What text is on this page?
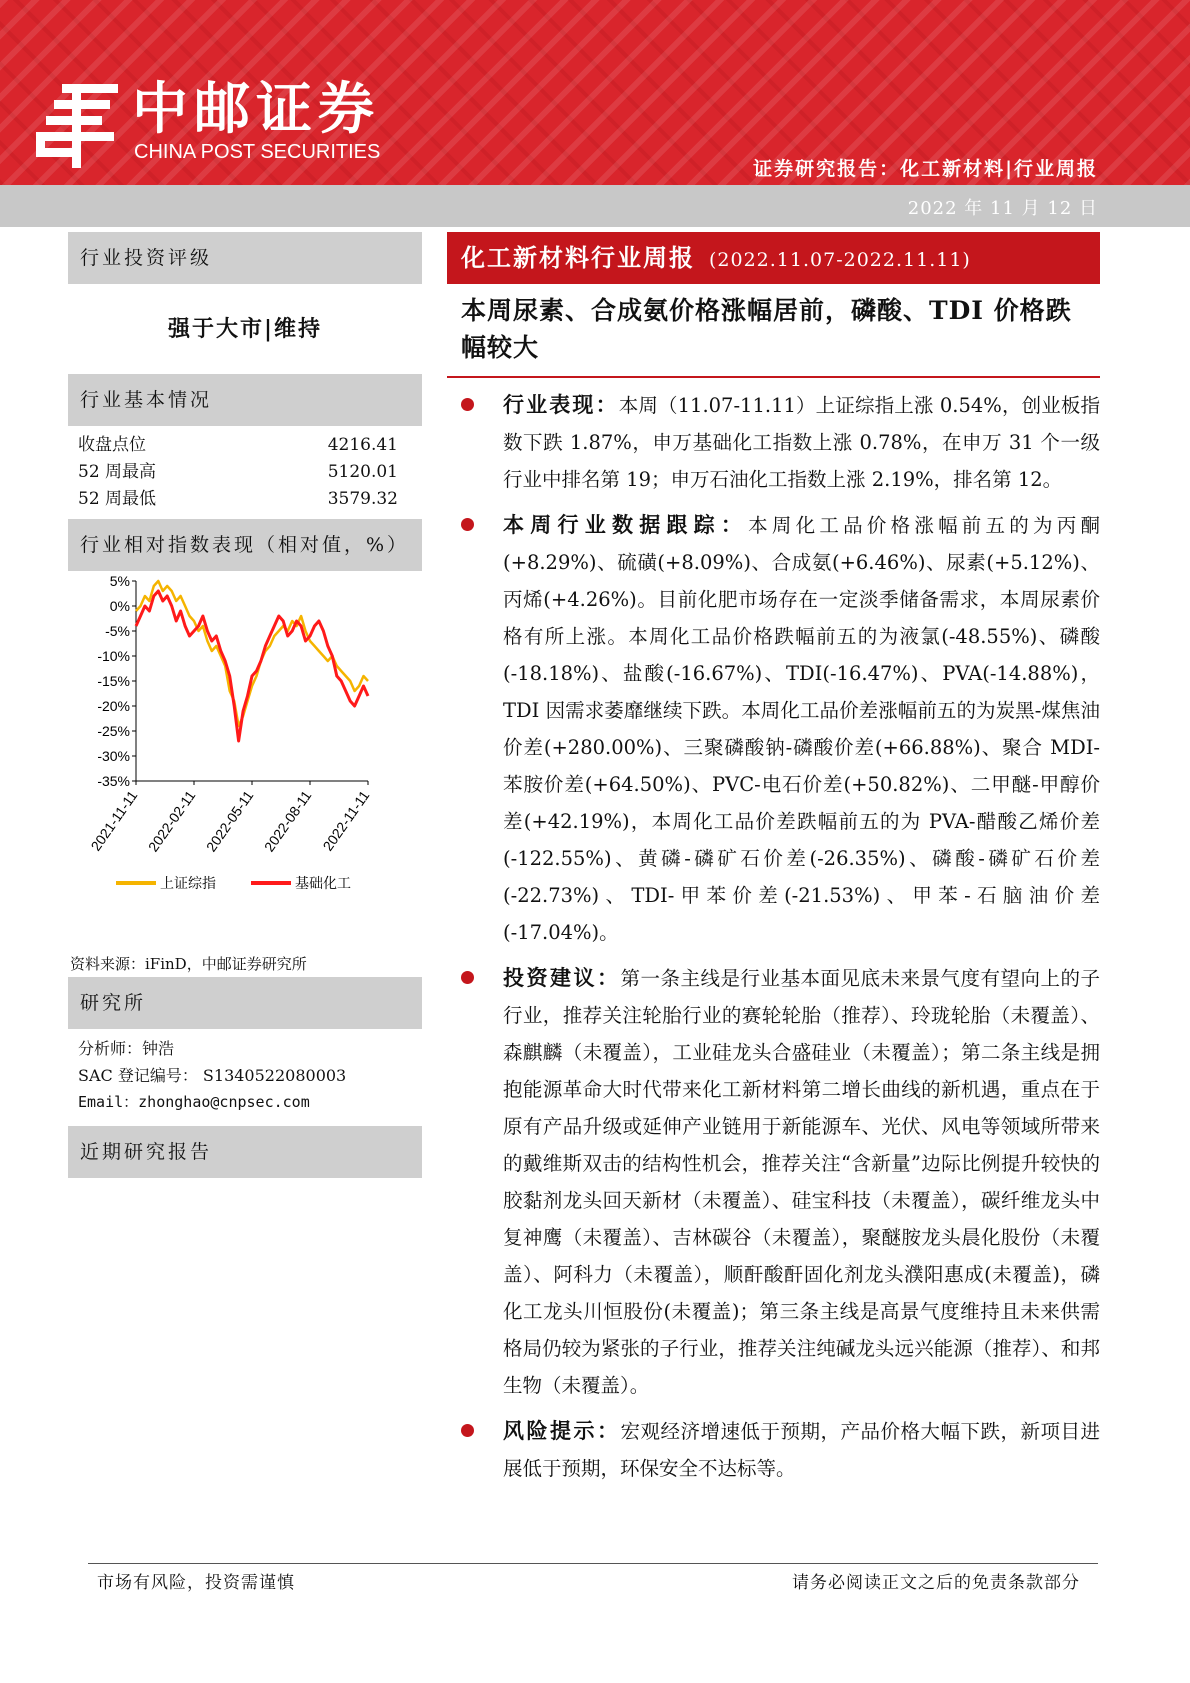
中邮证券
CHINA POST SECURITIES
证券研究报告：化工新材料|行业周报
2022 年 11 月 12 日
行业投资评级
强于大市|维持
行业基本情况
收盘点位	4216.41
52 周最高	5120.01
52 周最低	3579.32
行业相对指数表现（相对值，%）
5%
0%
-5%
-10%
-15%
-20%
-25%
-30%
-35%
2021-11-11 2022-02-11 2022-05-11 2022-08-11 2022-11-11
上证综指	基础化工
资料来源：iFinD，中邮证券研究所
研究所
分析师：钟浩
SAC 登记编号： S1340522080003
Email：zhonghao@cnpsec.com
近期研究报告
化工新材料行业周报 (2022.11.07-2022.11.11)
本周尿素、合成氨价格涨幅居前，磷酸、TDI 价格跌幅较大
行业表现：本周（11.07-11.11）上证综指上涨 0.54%，创业板指数下跌 1.87%，申万基础化工指数上涨 0.78%，在申万 31 个一级行业中排名第 19；申万石油化工指数上涨 2.19%，排名第 12。
本周行业数据跟踪：本周化工品价格涨幅前五的为丙酮(+8.29%)、硫磺(+8.09%)、合成氨(+6.46%)、尿素(+5.12%)、丙烯(+4.26%)。目前化肥市场存在一定淡季储备需求，本周尿素价格有所上涨。本周化工品价格跌幅前五的为液氯(-48.55%)、磷酸(-18.18%)、盐酸(-16.67%)、TDI(-16.47%)、PVA(-14.88%)，TDI 因需求萎靡继续下跌。本周化工品价差涨幅前五的为炭黑-煤焦油价差(+280.00%)、三聚磷酸钠-磷酸价差(+66.88%)、聚合 MDI-苯胺价差(+64.50%)、PVC-电石价差(+50.82%)、二甲醚-甲醇价差(+42.19%)，本周化工品价差跌幅前五的为 PVA-醋酸乙烯价差(-122.55%)、黄磷-磷矿石价差(-26.35%)、磷酸-磷矿石价差(-22.73%)、TDI-甲苯价差(-21.53%)、甲苯-石脑油价差(-17.04%)。
投资建议：第一条主线是行业基本面见底未来景气度有望向上的子行业，推荐关注轮胎行业的赛轮轮胎（推荐）、玲珑轮胎（未覆盖）、森麒麟（未覆盖），工业硅龙头合盛硅业（未覆盖）；第二条主线是拥抱能源革命大时代带来化工新材料第二增长曲线的新机遇，重点在于原有产品升级或延伸产业链用于新能源车、光伏、风电等领域所带来的戴维斯双击的结构性机会，推荐关注“含新量”边际比例提升较快的胶黏剂龙头回天新材（未覆盖）、硅宝科技（未覆盖），碳纤维龙头中复神鹰（未覆盖）、吉林碳谷（未覆盖），聚醚胺龙头晨化股份（未覆盖）、阿科力（未覆盖），顺酐酸酐固化剂龙头濮阳惠成(未覆盖)，磷化工龙头川恒股份(未覆盖)；第三条主线是高景气度维持且未来供需格局仍较为紧张的子行业，推荐关注纯碱龙头远兴能源（推荐）、和邦生物（未覆盖）。
风险提示：宏观经济增速低于预期，产品价格大幅下跌，新项目进展低于预期，环保安全不达标等。
市场有风险，投资需谨慎	请务必阅读正文之后的免责条款部分
